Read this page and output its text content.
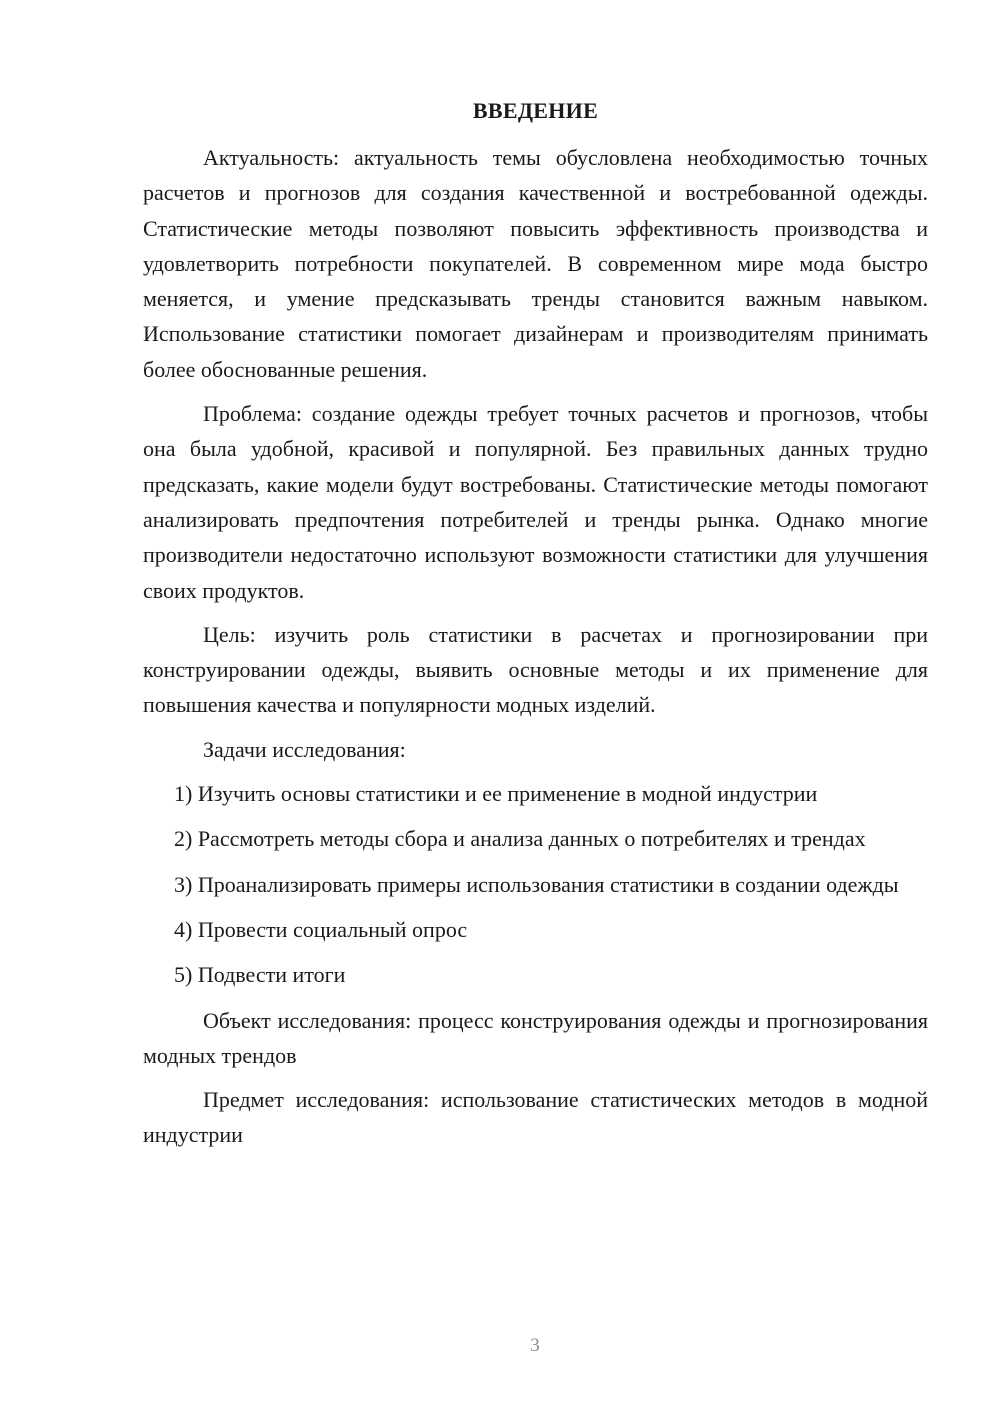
ВВЕДЕНИЕ

Актуальность: актуальность темы обусловлена необходимостью точных расчетов и прогнозов для создания качественной и востребованной одежды. Статистические методы позволяют повысить эффективность производства и удовлетворить потребности покупателей. В современном мире мода быстро меняется, и умение предсказывать тренды становится важным навыком. Использование статистики помогает дизайнерам и производителям принимать более обоснованные решения.

Проблема: создание одежды требует точных расчетов и прогнозов, чтобы она была удобной, красивой и популярной. Без правильных данных трудно предсказать, какие модели будут востребованы. Статистические методы помогают анализировать предпочтения потребителей и тренды рынка. Однако многие производители недостаточно используют возможности статистики для улучшения своих продуктов.

Цель: изучить роль статистики в расчетах и прогнозировании при конструировании одежды, выявить основные методы и их применение для повышения качества и популярности модных изделий.

Задачи исследования:

1) Изучить основы статистики и ее применение в модной индустрии

2) Рассмотреть методы сбора и анализа данных о потребителях и трендах

3) Проанализировать примеры использования статистики в создании одежды

4) Провести социальный опрос

5) Подвести итоги

Объект исследования: процесс конструирования одежды и прогнозирования модных трендов

Предмет исследования: использование статистических методов в модной индустрии

3
